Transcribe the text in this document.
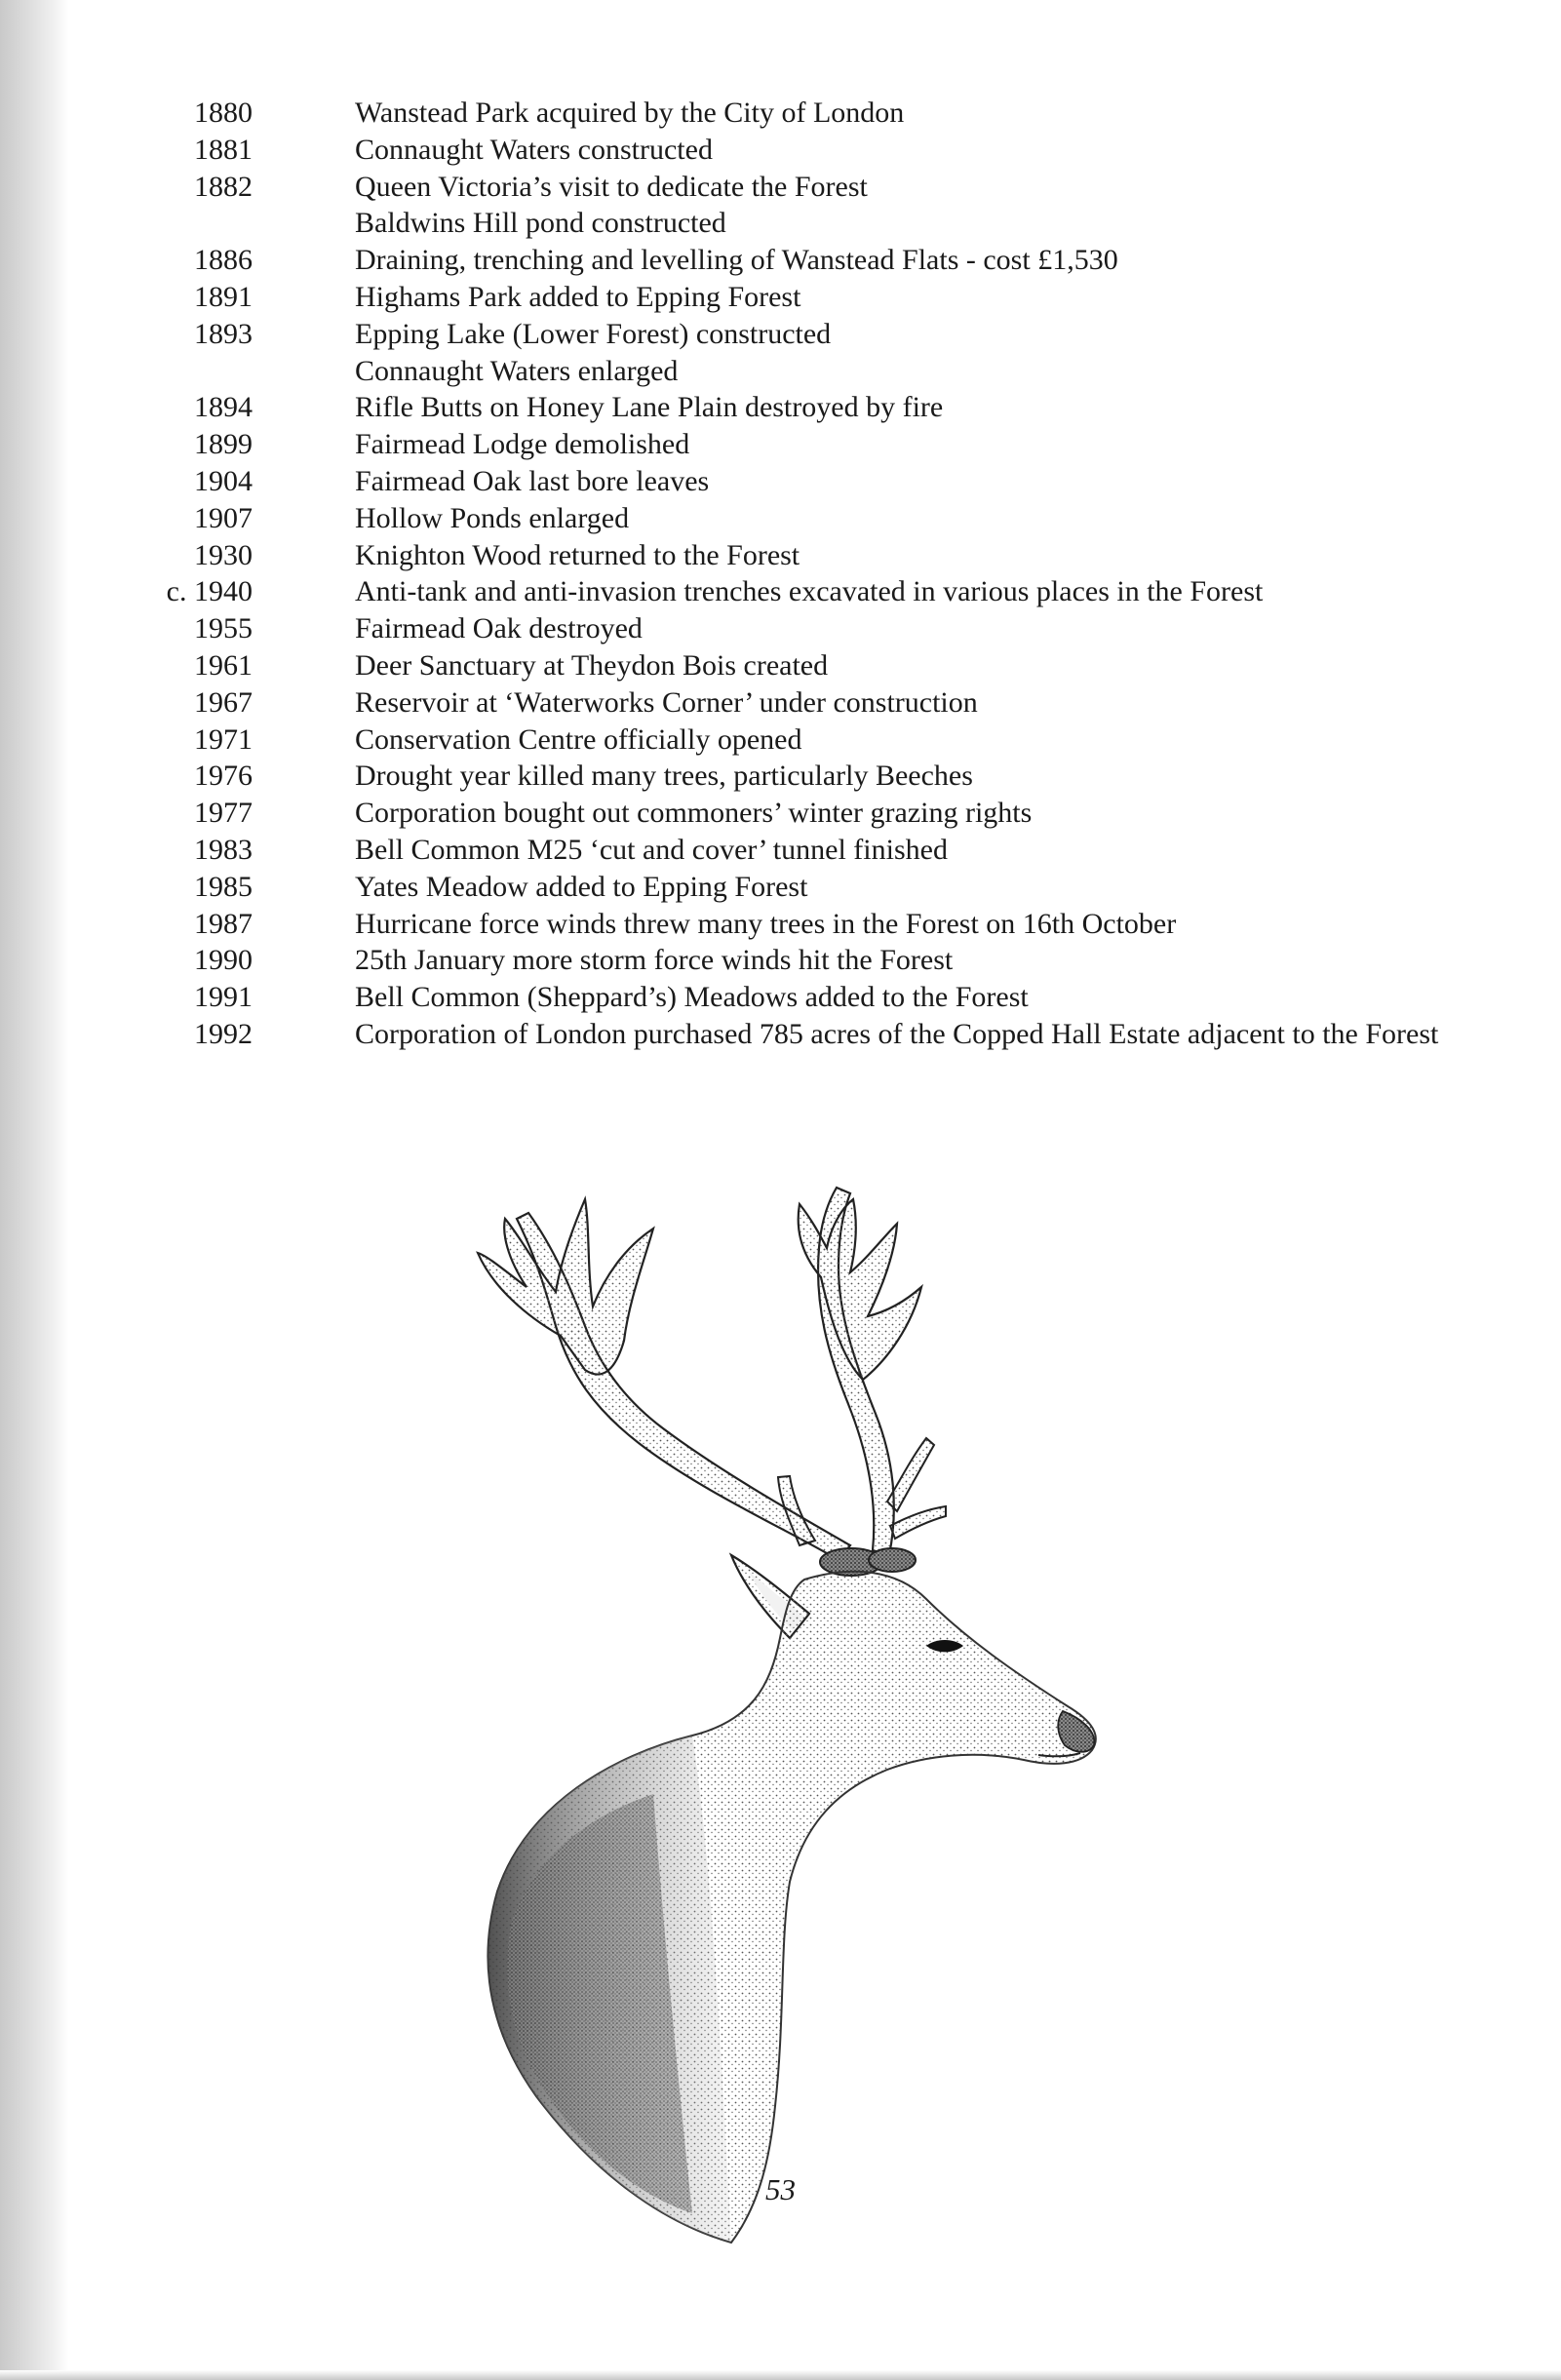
1880	Wanstead Park acquired by the City of London
1881	Connaught Waters constructed
1882	Queen Victoria’s visit to dedicate the Forest
Baldwins Hill pond constructed
1886	Draining, trenching and levelling of Wanstead Flats - cost £1,530
1891	Highams Park added to Epping Forest
1893	Epping Lake (Lower Forest) constructed
Connaught Waters enlarged
1894	Rifle Butts on Honey Lane Plain destroyed by fire
1899	Fairmead Lodge demolished
1904	Fairmead Oak last bore leaves
1907	Hollow Ponds enlarged
1930	Knighton Wood returned to the Forest
c. 1940	Anti-tank and anti-invasion trenches excavated in various places in the Forest
1955	Fairmead Oak destroyed
1961	Deer Sanctuary at Theydon Bois created
1967	Reservoir at ‘Waterworks Corner’ under construction
1971	Conservation Centre officially opened
1976	Drought year killed many trees, particularly Beeches
1977	Corporation bought out commoners’ winter grazing rights
1983	Bell Common M25 ‘cut and cover’ tunnel finished
1985	Yates Meadow added to Epping Forest
1987	Hurricane force winds threw many trees in the Forest on 16th October
1990	25th January more storm force winds hit the Forest
1991	Bell Common (Sheppard’s) Meadows added to the Forest
1992	Corporation of London purchased 785 acres of the Copped Hall Estate adjacent to the Forest
53
